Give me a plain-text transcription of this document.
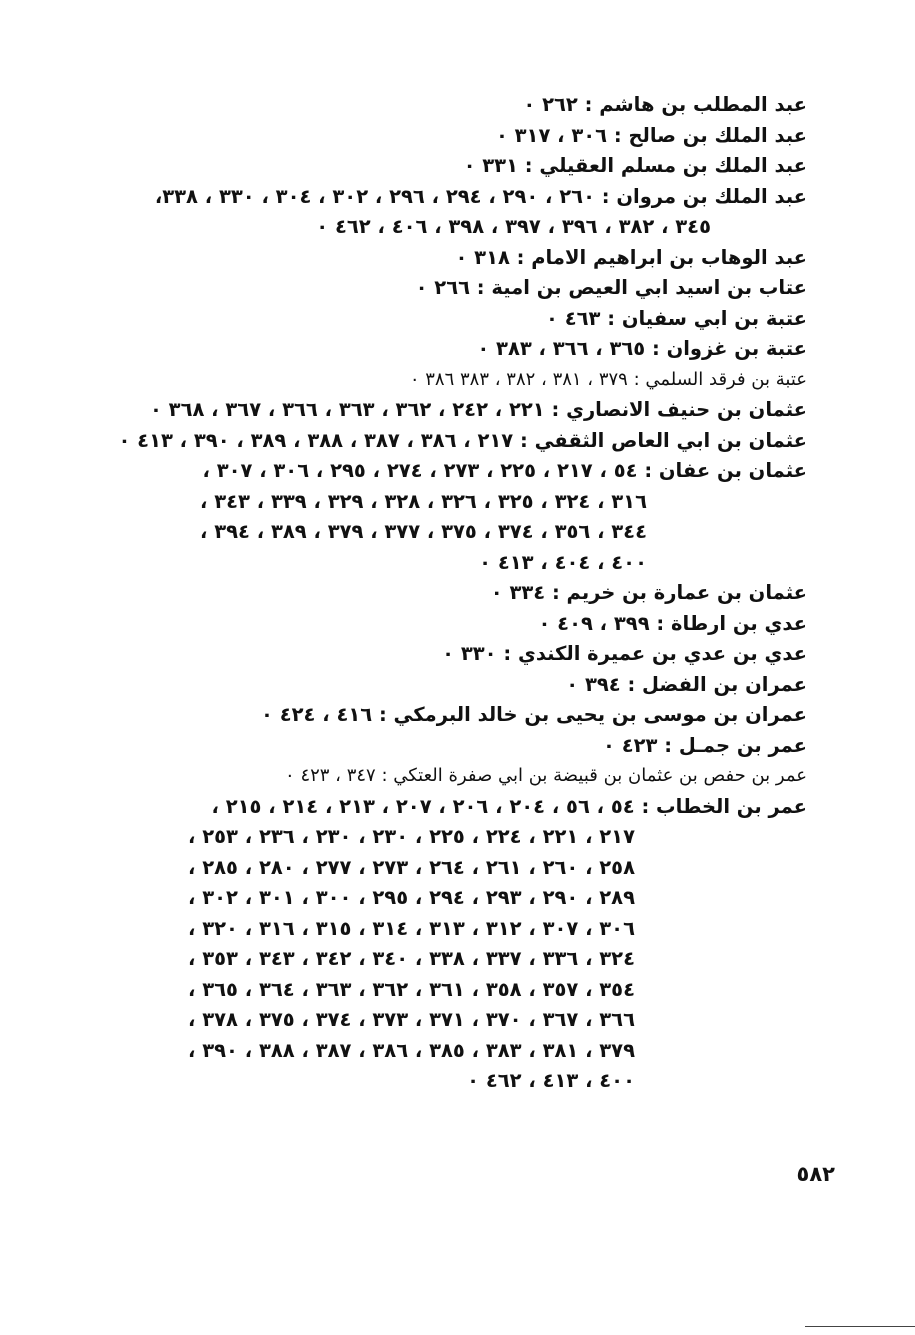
عبد المطلب بن هاشم : ٢٦٢ ٠
عبد الملك بن صالح : ٣٠٦ ، ٣١٧ ٠
عبد الملك بن مسلم العقيلي : ٣٣١ ٠
عبد الملك بن مروان : ٢٦٠ ، ٢٩٠ ، ٢٩٤ ، ٢٩٦ ، ٣٠٢ ، ٣٠٤ ، ٣٣٠ ، ٣٣٨،
٣٤٥ ، ٣٨٢ ، ٣٩٦ ، ٣٩٧ ، ٣٩٨ ، ٤٠٦ ، ٤٦٢ ٠
عبد الوهاب بن ابراهيم الامام : ٣١٨ ٠
عتاب بن اسيد ابي العيص بن امية : ٢٦٦ ٠
عتبة بن ابي سفيان : ٤٦٣ ٠
عتبة بن غزوان : ٣٦٥ ، ٣٦٦ ، ٣٨٣ ٠
عتبة بن فرقد السلمي : ٣٧٩ ، ٣٨١ ، ٣٨٢ ، ٣٨٣ ٣٨٦ ٠
عثمان بن حنيف الانصاري : ٢٢١ ، ٢٤٢ ، ٣٦٢ ، ٣٦٣ ، ٣٦٦ ، ٣٦٧ ، ٣٦٨ ٠
عثمان بن ابي العاص الثقفي : ٢١٧ ، ٣٨٦ ، ٣٨٧ ، ٣٨٨ ، ٣٨٩ ، ٣٩٠ ، ٤١٣ ٠
عثمان بن عفان : ٥٤ ، ٢١٧ ، ٢٢٥ ، ٢٧٣ ، ٢٧٤ ، ٢٩٥ ، ٣٠٦ ، ٣٠٧ ،
٣١٦ ، ٣٢٤ ، ٣٢٥ ، ٣٢٦ ، ٣٢٨ ، ٣٢٩ ، ٣٣٩ ، ٣٤٣ ،
٣٤٤ ، ٣٥٦ ، ٣٧٤ ، ٣٧٥ ، ٣٧٧ ، ٣٧٩ ، ٣٨٩ ، ٣٩٤ ،
٤٠٠ ، ٤٠٤ ، ٤١٣ ٠
عثمان بن عمارة بن خريم : ٣٣٤ ٠
عدي بن ارطاة : ٣٩٩ ، ٤٠٩ ٠
عدي بن عدي بن عميرة الكندي : ٣٣٠ ٠
عمران بن الفضل : ٣٩٤ ٠
عمران بن موسى بن يحيى بن خالد البرمكي : ٤١٦ ، ٤٢٤ ٠
عمر بن جمـل : ٤٢٣ ٠
عمر بن حفص بن عثمان بن قبيضة بن ابي صفرة العتكي : ٣٤٧ ، ٤٢٣ ٠
عمر بن الخطاب : ٥٤ ، ٥٦ ، ٢٠٤ ، ٢٠٦ ، ٢٠٧ ، ٢١٣ ، ٢١٤ ، ٢١٥ ،
٢١٧ ، ٢٢١ ، ٢٢٤ ، ٢٢٥ ، ٢٣٠ ، ٢٣٠ ، ٢٣٦ ، ٢٥٣ ،
٢٥٨ ، ٢٦٠ ، ٢٦١ ، ٢٦٤ ، ٢٧٣ ، ٢٧٧ ، ٢٨٠ ، ٢٨٥ ،
٢٨٩ ، ٢٩٠ ، ٢٩٣ ، ٢٩٤ ، ٢٩٥ ، ٣٠٠ ، ٣٠١ ، ٣٠٢ ،
٣٠٦ ، ٣٠٧ ، ٣١٢ ، ٣١٣ ، ٣١٤ ، ٣١٥ ، ٣١٦ ، ٣٢٠ ،
٣٢٤ ، ٣٣٦ ، ٣٣٧ ، ٣٣٨ ، ٣٤٠ ، ٣٤٢ ، ٣٤٣ ، ٣٥٣ ،
٣٥٤ ، ٣٥٧ ، ٣٥٨ ، ٣٦١ ، ٣٦٢ ، ٣٦٣ ، ٣٦٤ ، ٣٦٥ ،
٣٦٦ ، ٣٦٧ ، ٣٧٠ ، ٣٧١ ، ٣٧٣ ، ٣٧٤ ، ٣٧٥ ، ٣٧٨ ،
٣٧٩ ، ٣٨١ ، ٣٨٣ ، ٣٨٥ ، ٣٨٦ ، ٣٨٧ ، ٣٨٨ ، ٣٩٠ ،
٤٠٠ ، ٤١٣ ، ٤٦٢ ٠
٥٨٢
